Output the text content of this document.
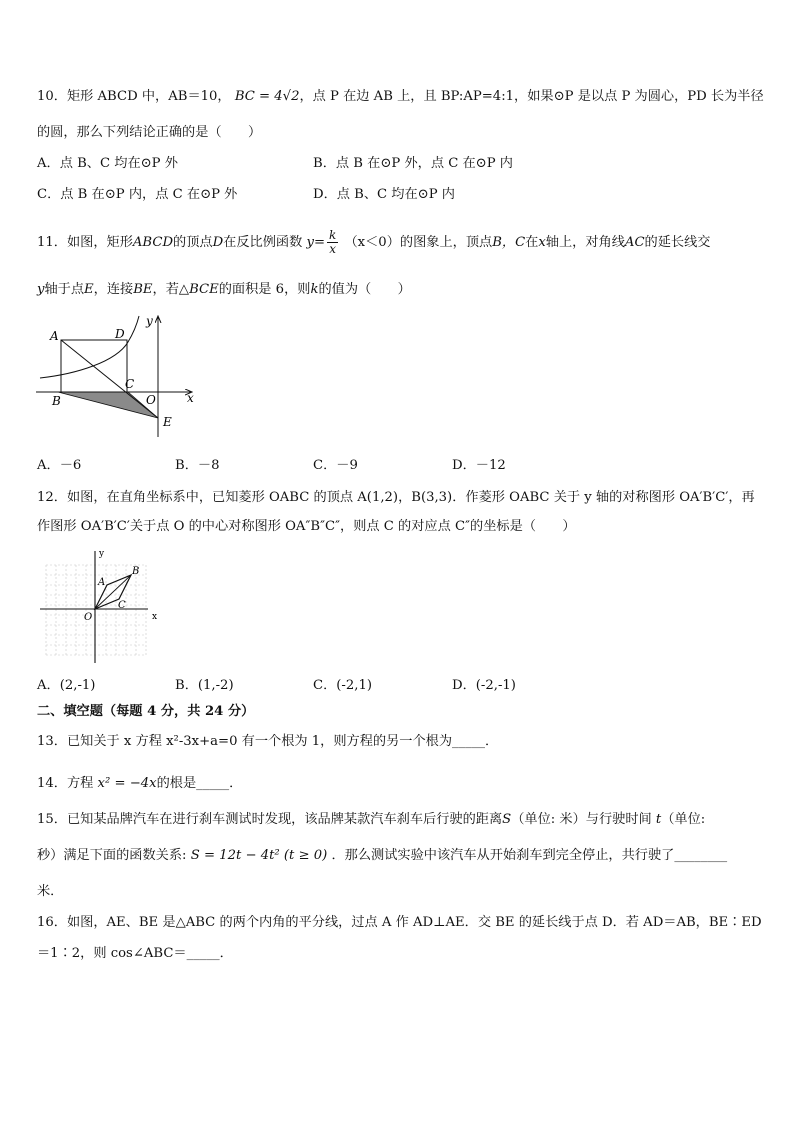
10．矩形 ABCD 中，AB＝10， BC = 4√2，点 P 在边 AB 上，且 BP:AP=4:1，如果⊙P 是以点 P 为圆心，PD 长为半径
的圆，那么下列结论正确的是（　　）
A．点 B、C 均在⊙P 外	B．点 B 在⊙P 外，点 C 在⊙P 内
C．点 B 在⊙P 内，点 C 在⊙P 外	D．点 B、C 均在⊙P 内
11．如图，矩形ABCD的顶点D在反比例函数 $y= \frac{k}{x} (x<0)$的图象上，顶点B，C在x轴上，对角线AC的延长线交
y轴于点E，连接BE，若△BCE的面积是 6，则k的值为（　　）
A	D
y
C
B	O	x
E
A．－6	B．－8	C．－9	D．－12
12．如图，在直角坐标系中，已知菱形 OABC 的顶点 A(1,2)，B(3,3)．作菱形 OABC 关于 y 轴的对称图形 OA′B′C′，再
作图形 OA′B′C′关于点 O 的中心对称图形 OA″B″C″，则点 C 的对应点 C″的坐标是（　　）
y
B
A
C
O	x
A．(2,-1)	B．(1,-2)	C．(-2,1)	D．(-2,-1)
二、填空题（每题 4 分，共 24 分）
13．已知关于 x 方程 x²-3x+a=0 有一个根为 1，则方程的另一个根为_____．
14．方程 x² = −4x的根是_____．
15．已知某品牌汽车在进行刹车测试时发现，该品牌某款汽车刹车后行驶的距离S（单位: 米）与行驶时间 t（单位:
秒）满足下面的函数关系: S = 12t − 4t² (t ≥ 0) ．那么测试实验中该汽车从开始刹车到完全停止，共行驶了________
米．
16．如图，AE、BE 是△ABC 的两个内角的平分线，过点 A 作 AD⊥AE．交 BE 的延长线于点 D．若 AD＝AB，BE∶ED
＝1∶2，则 cos∠ABC＝_____．
